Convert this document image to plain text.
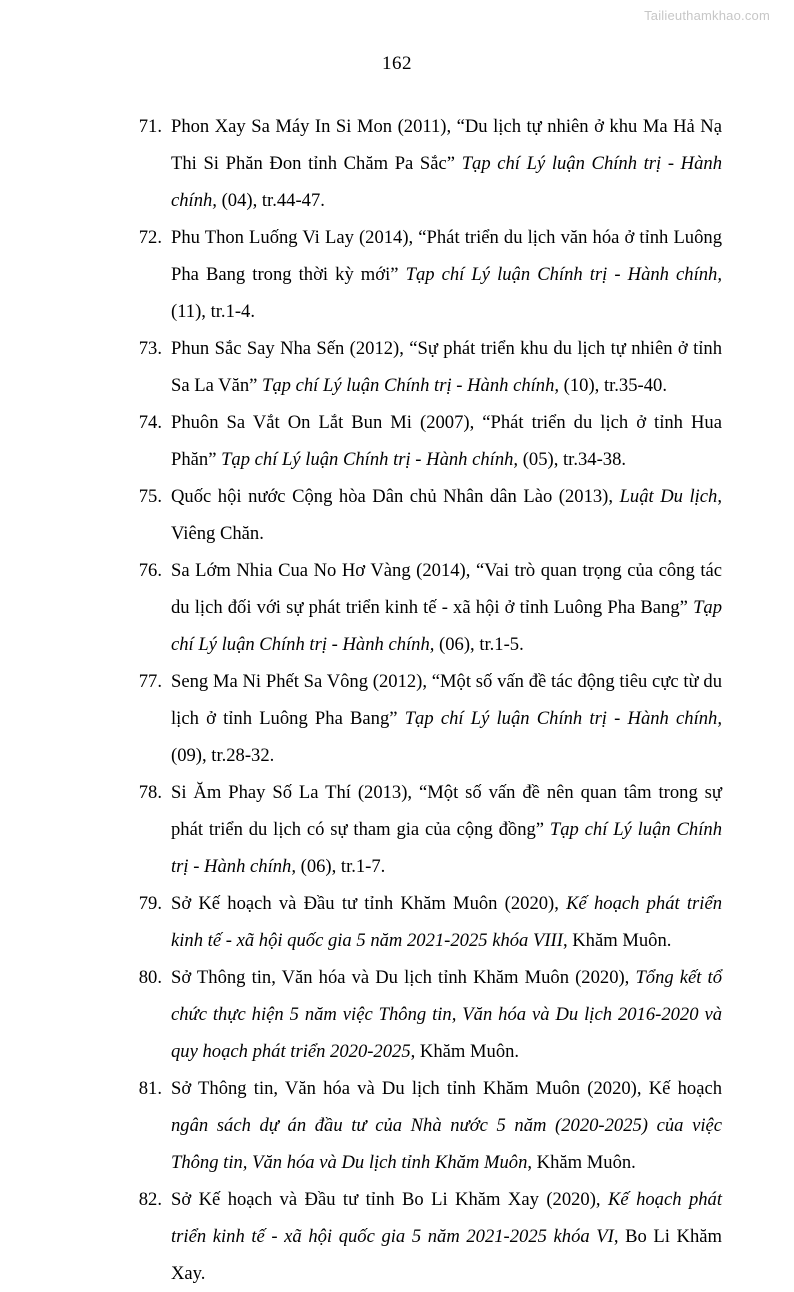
Tailieuthamkhao.com
162
71. Phon Xay Sa Máy In Si Mon (2011), “Du lịch tự nhiên ở khu Ma Hả Nạ Thi Si Phăn Đon tỉnh Chăm Pa Sắc” Tạp chí Lý luận Chính trị - Hành chính, (04), tr.44-47.
72. Phu Thon Luống Vi Lay (2014), “Phát triển du lịch văn hóa ở tỉnh Luông Pha Bang trong thời kỳ mới” Tạp chí Lý luận Chính trị - Hành chính, (11), tr.1-4.
73. Phun Sắc Say Nha Sến (2012), “Sự phát triển khu du lịch tự nhiên ở tỉnh Sa La Văn” Tạp chí Lý luận Chính trị - Hành chính, (10), tr.35-40.
74. Phuôn Sa Vắt On Lắt Bun Mi (2007), “Phát triển du lịch ở tỉnh Hua Phăn” Tạp chí Lý luận Chính trị - Hành chính, (05), tr.34-38.
75. Quốc hội nước Cộng hòa Dân chủ Nhân dân Lào (2013), Luật Du lịch, Viêng Chăn.
76. Sa Lớm Nhia Cua No Hơ Vàng (2014), “Vai trò quan trọng của công tác du lịch đối với sự phát triển kinh tế - xã hội ở tỉnh Luông Pha Bang” Tạp chí Lý luận Chính trị - Hành chính, (06), tr.1-5.
77. Seng Ma Ni Phết Sa Vông (2012), “Một số vấn đề tác động tiêu cực từ du lịch ở tỉnh Luông Pha Bang” Tạp chí Lý luận Chính trị - Hành chính, (09), tr.28-32.
78. Si Ăm Phay Số La Thí (2013), “Một số vấn đề nên quan tâm trong sự phát triển du lịch có sự tham gia của cộng đồng” Tạp chí Lý luận Chính trị - Hành chính, (06), tr.1-7.
79. Sở Kế hoạch và Đầu tư tỉnh Khăm Muôn (2020), Kế hoạch phát triển kinh tế - xã hội quốc gia 5 năm 2021-2025 khóa VIII, Khăm Muôn.
80. Sở Thông tin, Văn hóa và Du lịch tỉnh Khăm Muôn (2020), Tổng kết tổ chức thực hiện 5 năm việc Thông tin, Văn hóa và Du lịch 2016-2020 và quy hoạch phát triển 2020-2025, Khăm Muôn.
81. Sở Thông tin, Văn hóa và Du lịch tỉnh Khăm Muôn (2020), Kế hoạch ngân sách dự án đầu tư của Nhà nước 5 năm (2020-2025) của việc Thông tin, Văn hóa và Du lịch tỉnh Khăm Muôn, Khăm Muôn.
82. Sở Kế hoạch và Đầu tư tỉnh Bo Li Khăm Xay (2020), Kế hoạch phát triển kinh tế - xã hội quốc gia 5 năm 2021-2025 khóa VI, Bo Li Khăm Xay.
